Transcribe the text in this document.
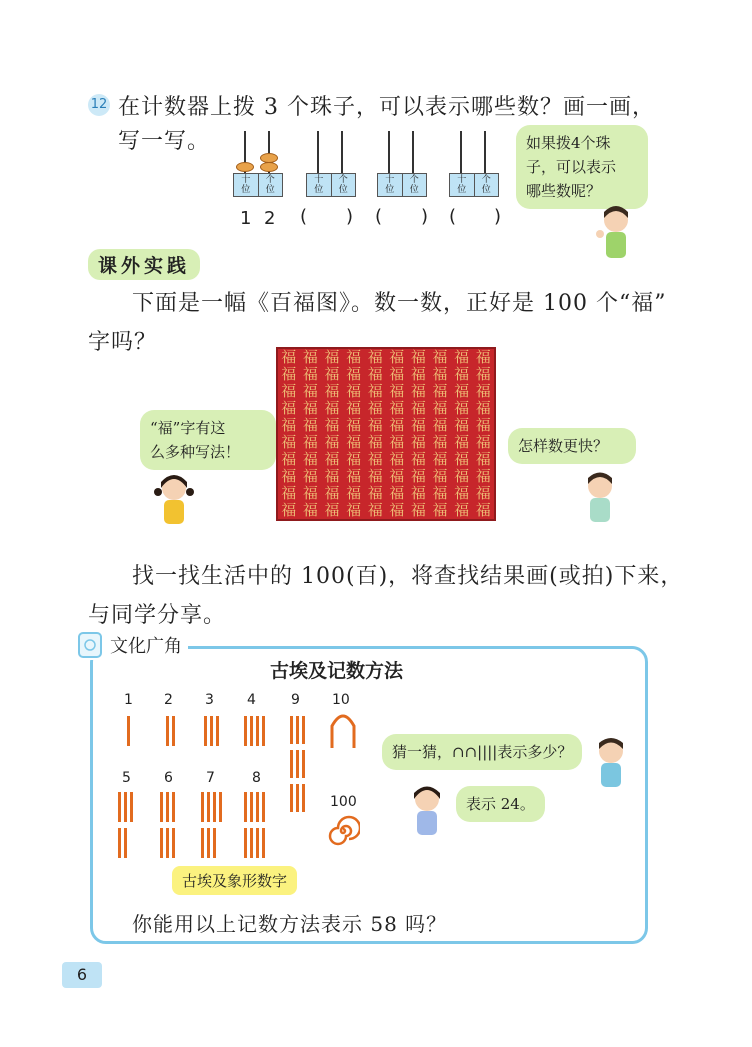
12 在计数器上拨 3 个珠子，可以表示哪些数？画一画，
写一写。
十
位
个
位
十
位
个
位
十
位
个
位
十
位
个
位
1 2 ( ) ( ) ( )
如果拨4个珠
子，可以表示
哪些数呢？
课外实践
下面是一幅《百福图》。数一数，正好是 100 个“福”
字吗？
福 福 福 福 福 福 福 福 福 福
福 福 福 福 福 福 福 福 福 福
福 福 福 福 福 福 福 福 福 福
福 福 福 福 福 福 福 福 福 福
福 福 福 福 福 福 福 福 福 福
福 福 福 福 福 福 福 福 福 福
福 福 福 福 福 福 福 福 福 福
福 福 福 福 福 福 福 福 福 福
福 福 福 福 福 福 福 福 福 福
福 福 福 福 福 福 福 福 福 福
“福”字有这
么多种写法！	怎样数更快？
找一找生活中的 100(百)，将查找结果画(或拍)下来，
与同学分享。
文化广角
古埃及记数方法
1 2 3 4	9 10
5 6 7	8
100
古埃及象形数字
猜一猜，∩∩||||表示多少？
表示 24。
你能用以上记数方法表示 58 吗？
6
